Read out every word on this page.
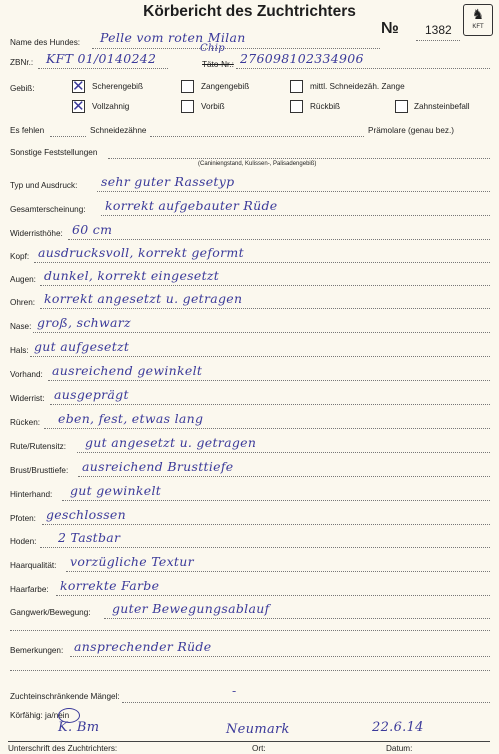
Körbericht des Zuchtrichters
№ 1382
♞
KFT
Name des Hundes: Pelle vom roten Milan
ZBNr.: KFT 01/0140242	Täto-Nr.:
Chip
276098102334906
Gebiß: ✕ Scherengebiß	Zangengebiß	mittl. Schneidezäh. Zange
✕ Vollzahnig	Vorbiß	Rückbiß	Zahnsteinbefall
Es fehlen	Schneidezähne	Prämolare (genau bez.)
Sonstige Feststellungen
(Caniniengstand, Kulissen-, Palisadengebiß)
Typ und Ausdruck: sehr guter Rassetyp
Gesamterscheinung: korrekt aufgebauter Rüde
Widerristhöhe: 60 cm
Kopf: ausdrucksvoll, korrekt geformt
Augen: dunkel, korrekt eingesetzt
Ohren: korrekt angesetzt u. getragen
Nase: groß, schwarz
Hals: gut aufgesetzt
Vorhand: ausreichend gewinkelt
Widerrist: ausgeprägt
Rücken: eben, fest, etwas lang
Rute/Rutensitz: gut angesetzt u. getragen
Brust/Brusttiefe: ausreichend Brusttiefe
Hinterhand: gut gewinkelt
Pfoten: geschlossen
Hoden: 2 Tastbar
Haarqualität: vorzügliche Textur
Haarfarbe: korrekte Farbe
Gangwerk/Bewegung: guter Bewegungsablauf
Bemerkungen: ansprechender Rüde
Zuchteinschränkende Mängel:	-
Körfähig: ja/nein
K. Bm	Neumark	22.6.14
Unterschrift des Zuchtrichters:	Ort:	Datum:
